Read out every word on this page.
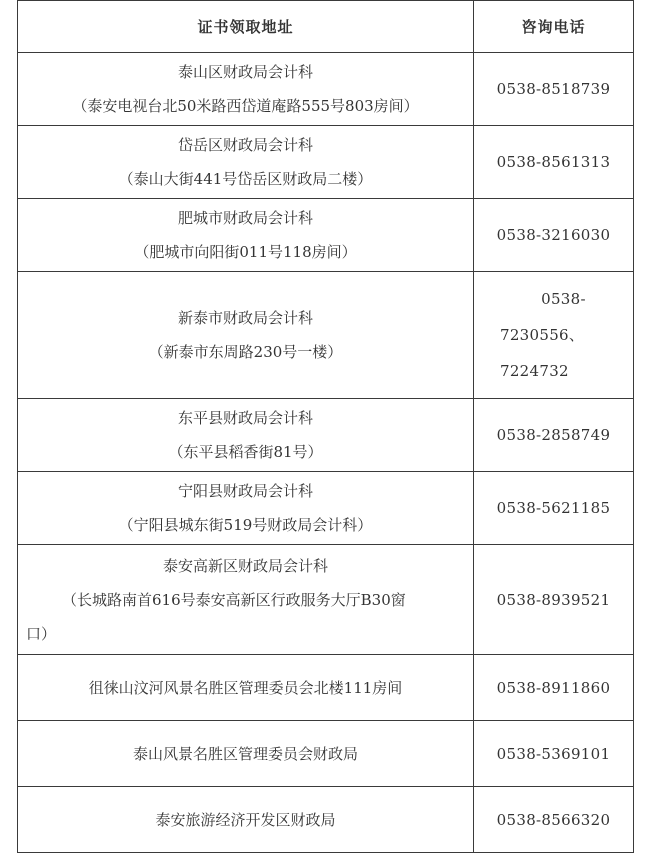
证书领取地址	咨询电话

泰山区财政局会计科
（泰安电视台北50米路西岱道庵路555号803房间）	0538-8518739

岱岳区财政局会计科
（泰山大街441号岱岳区财政局二楼）	0538-8561313

肥城市财政局会计科
（肥城市向阳街011号118房间）	0538-3216030

新泰市财政局会计科
（新泰市东周路230号一楼）	0538-
7230556、
7224732

东平县财政局会计科
（东平县稻香街81号）	0538-2858749

宁阳县财政局会计科
（宁阳县城东街519号财政局会计科）	0538-5621185

泰安高新区财政局会计科
（长城路南首616号泰安高新区行政服务大厅B30窗
口）	0538-8939521

徂徕山汶河风景名胜区管理委员会北楼111房间	0538-8911860

泰山风景名胜区管理委员会财政局	0538-5369101

泰安旅游经济开发区财政局	0538-8566320
